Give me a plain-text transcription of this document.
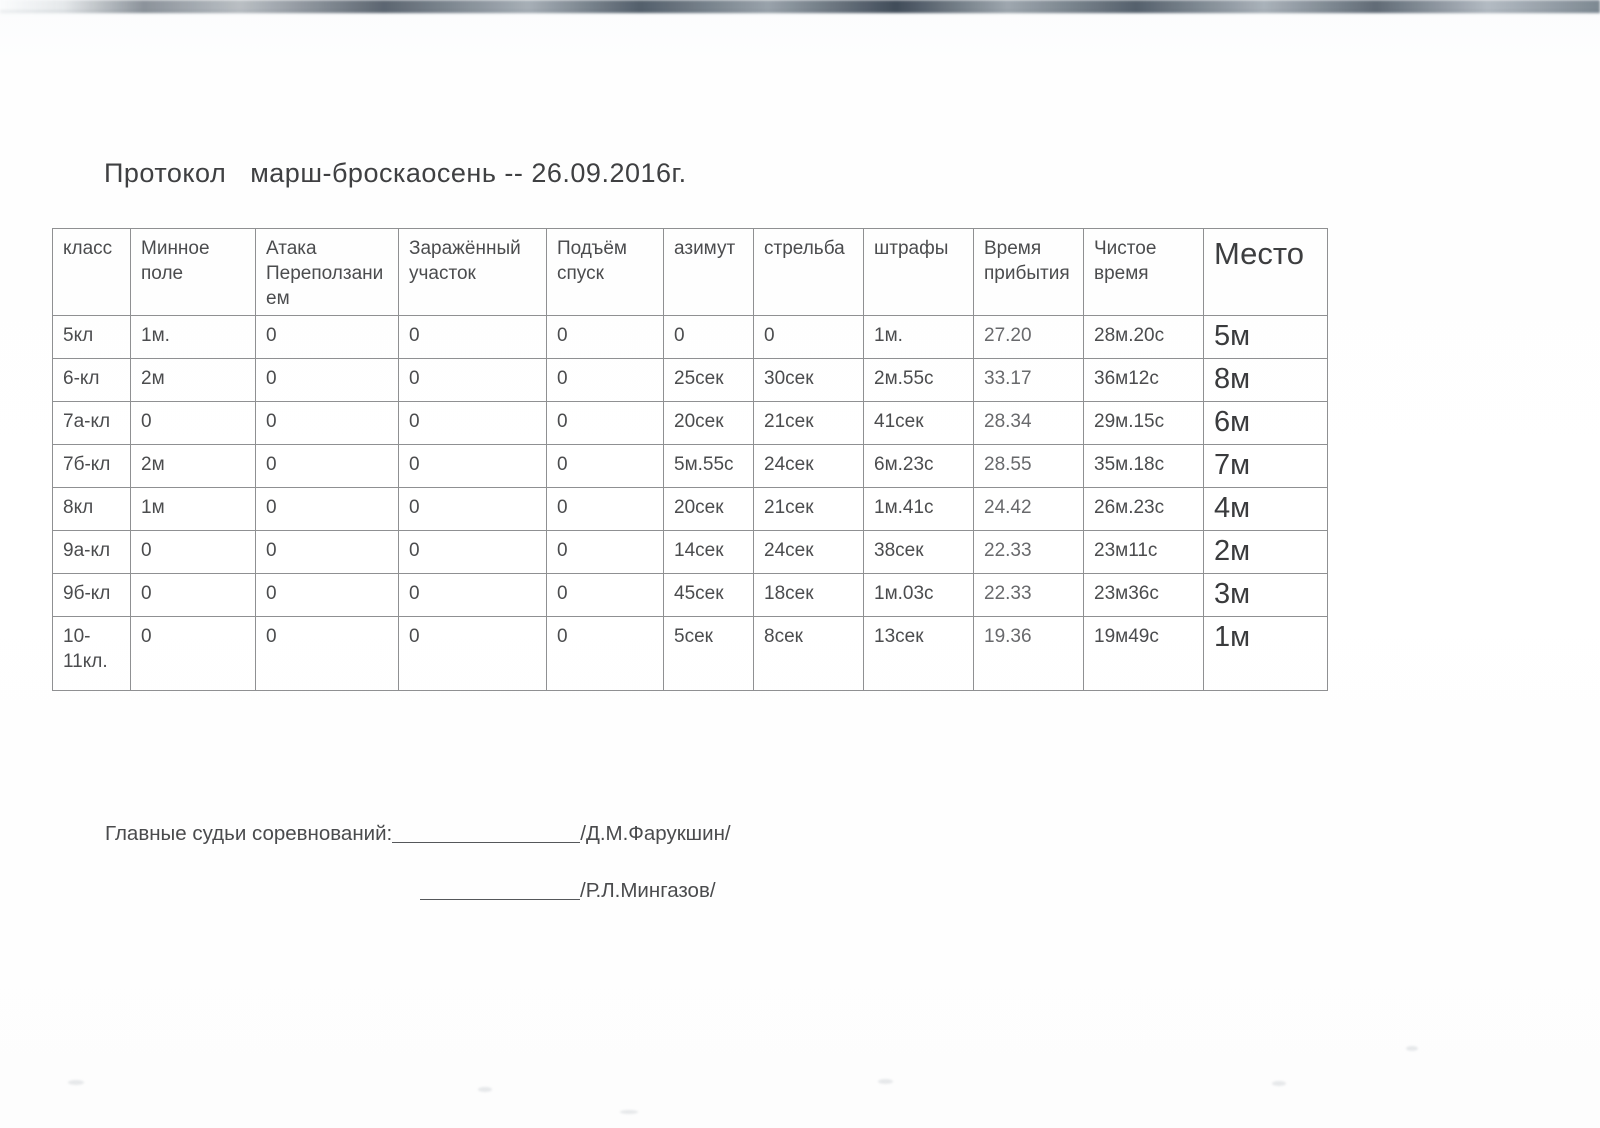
Протокол   марш-броскаосень -- 26.09.2016г.
класс	Минное поле	Атака Переползанием	Заражённый участок	Подъём спуск	азимут	стрельба	штрафы	Время прибытия	Чистое время	Место
5кл	1м.	0	0	0	0	0	1м.	27.20	28м.20с	5м
6-кл	2м	0	0	0	25сек	30сек	2м.55с	33.17	36м12с	8м
7а-кл	0	0	0	0	20сек	21сек	41сек	28.34	29м.15с	6м
7б-кл	2м	0	0	0	5м.55с	24сек	6м.23с	28.55	35м.18с	7м
8кл	1м	0	0	0	20сек	21сек	1м.41с	24.42	26м.23с	4м
9а-кл	0	0	0	0	14сек	24сек	38сек	22.33	23м11с	2м
9б-кл	0	0	0	0	45сек	18сек	1м.03с	22.33	23м36с	3м
10-11кл.	0	0	0	0	5сек	8сек	13сек	19.36	19м49с	1м
Главные судьи соревнований:	/Д.М.Фарукшин/
/Р.Л.Мингазов/
